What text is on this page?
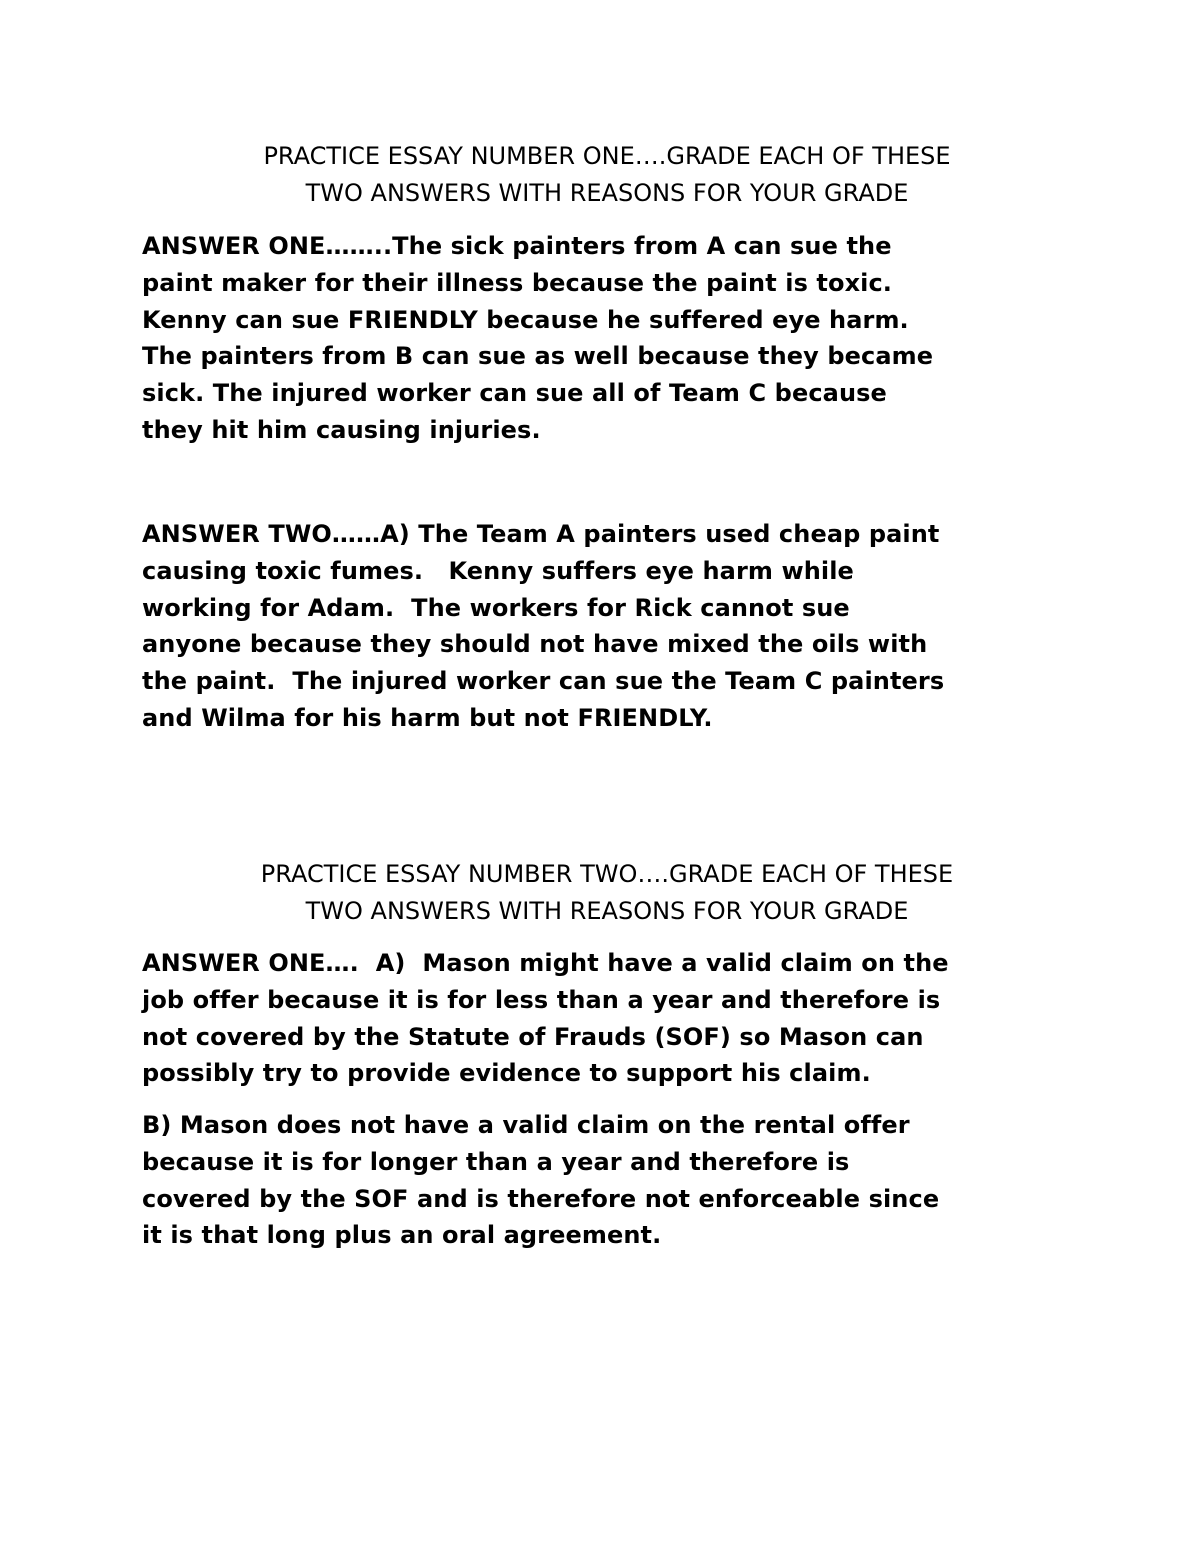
PRACTICE ESSAY NUMBER ONE….GRADE EACH OF THESE
TWO ANSWERS WITH REASONS FOR YOUR GRADE

ANSWER ONE……..The sick painters from A can sue the
paint maker for their illness because the paint is toxic.
Kenny can sue FRIENDLY because he suffered eye harm.
The painters from B can sue as well because they became
sick. The injured worker can sue all of Team C because
they hit him causing injuries.

ANSWER TWO……A) The Team A painters used cheap paint
causing toxic fumes.   Kenny suffers eye harm while
working for Adam.  The workers for Rick cannot sue
anyone because they should not have mixed the oils with
the paint.  The injured worker can sue the Team C painters
and Wilma for his harm but not FRIENDLY.

PRACTICE ESSAY NUMBER TWO….GRADE EACH OF THESE
TWO ANSWERS WITH REASONS FOR YOUR GRADE

ANSWER ONE….  A)  Mason might have a valid claim on the
job offer because it is for less than a year and therefore is
not covered by the Statute of Frauds (SOF) so Mason can
possibly try to provide evidence to support his claim.

B) Mason does not have a valid claim on the rental offer
because it is for longer than a year and therefore is
covered by the SOF and is therefore not enforceable since
it is that long plus an oral agreement.
